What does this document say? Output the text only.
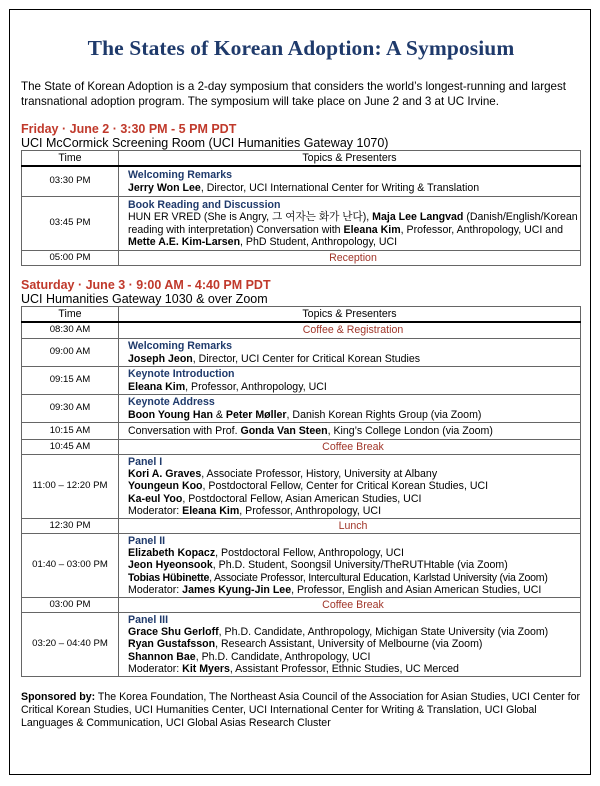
The States of Korean Adoption: A Symposium

The State of Korean Adoption is a 2-day symposium that considers the world’s longest-running and largest transnational adoption program. The symposium will take place on June 2 and 3 at UC Irvine.

Friday · June 2 · 3:30 PM - 5 PM PDT

UCI McCormick Screening Room (UCI Humanities Gateway 1070)

Time	Topics & Presenters
03:30 PM	Welcoming Remarks
Jerry Won Lee, Director, UCI International Center for Writing & Translation

03:45 PM	Book Reading and Discussion
HUN ER VRED (She is Angry, 그 여자는 화가 난다), Maja Lee Langvad (Danish/English/Korean reading with interpretation) Conversation with Eleana Kim, Professor, Anthropology, UCI and Mette A.E. Kim-Larsen, PhD Student, Anthropology, UCI

05:00 PM	Reception

Saturday · June 3 · 9:00 AM - 4:40 PM PDT

UCI Humanities Gateway 1030 & over Zoom

Time	Topics & Presenters
08:30 AM	Coffee & Registration
09:00 AM	Welcoming Remarks
Joseph Jeon, Director, UCI Center for Critical Korean Studies

09:15 AM	Keynote Introduction
Eleana Kim, Professor, Anthropology, UCI

09:30 AM	Keynote Address
Boon Young Han & Peter Møller, Danish Korean Rights Group (via Zoom)

10:15 AM	Conversation with Prof. Gonda Van Steen, King’s College London (via Zoom)
10:45 AM	Coffee Break
11:00 – 12:20 PM	Panel I
Kori A. Graves, Associate Professor, History, University at Albany
Youngeun Koo, Postdoctoral Fellow, Center for Critical Korean Studies, UCI
Ka-eul Yoo, Postdoctoral Fellow, Asian American Studies, UCI
Moderator: Eleana Kim, Professor, Anthropology, UCI

12:30 PM	Lunch
01:40 – 03:00 PM	Panel II
Elizabeth Kopacz, Postdoctoral Fellow, Anthropology, UCI
Jeon Hyeonsook, Ph.D. Student, Soongsil University/TheRUTHtable (via Zoom)
Tobias Hübinette, Associate Professor, Intercultural Education, Karlstad University (via Zoom)
Moderator: James Kyung-Jin Lee, Professor, English and Asian American Studies, UCI

03:00 PM	Coffee Break
03:20 – 04:40 PM	Panel III
Grace Shu Gerloff, Ph.D. Candidate, Anthropology, Michigan State University (via Zoom)
Ryan Gustafsson, Research Assistant, University of Melbourne (via Zoom)
Shannon Bae, Ph.D. Candidate, Anthropology, UCI
Moderator: Kit Myers, Assistant Professor, Ethnic Studies, UC Merced

Sponsored by: The Korea Foundation, The Northeast Asia Council of the Association for Asian Studies, UCI Center for Critical Korean Studies, UCI Humanities Center, UCI International Center for Writing & Translation, UCI Global Languages & Communication, UCI Global Asias Research Cluster
